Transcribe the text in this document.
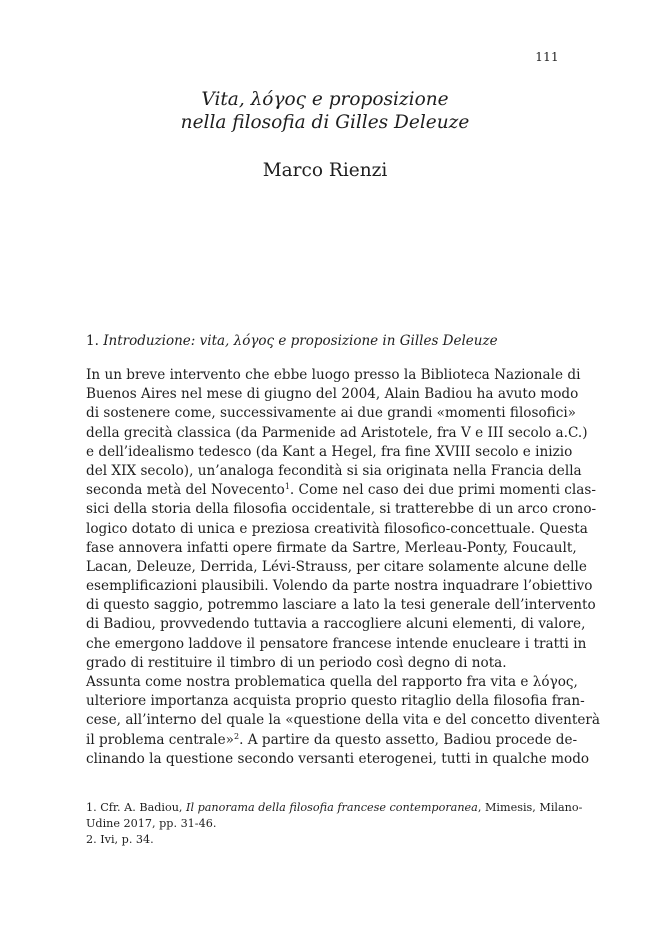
111
Vita, λόγος e proposizione
nella filosofia di Gilles Deleuze
Marco Rienzi
1. Introduzione: vita, λόγος e proposizione in Gilles Deleuze
In un breve intervento che ebbe luogo presso la Biblioteca Nazionale di
Buenos Aires nel mese di giugno del 2004, Alain Badiou ha avuto modo
di sostenere come, successivamente ai due grandi «momenti filosofici»
della grecità classica (da Parmenide ad Aristotele, fra V e III secolo a.C.)
e dell’idealismo tedesco (da Kant a Hegel, fra fine XVIII secolo e inizio
del XIX secolo), un’analoga fecondità si sia originata nella Francia della
seconda metà del Novecento$^1$. Come nel caso dei due primi momenti clas-
sici della storia della filosofia occidentale, si tratterebbe di un arco crono-
logico dotato di unica e preziosa creatività filosofico-concettuale. Questa
fase annovera infatti opere firmate da Sartre, Merleau-Ponty, Foucault,
Lacan, Deleuze, Derrida, Lévi-Strauss, per citare solamente alcune delle
esemplificazioni plausibili. Volendo da parte nostra inquadrare l’obiettivo
di questo saggio, potremmo lasciare a lato la tesi generale dell’intervento
di Badiou, provvedendo tuttavia a raccogliere alcuni elementi, di valore,
che emergono laddove il pensatore francese intende enucleare i tratti in
grado di restituire il timbro di un periodo così degno di nota.
Assunta come nostra problematica quella del rapporto fra vita e λόγος,
ulteriore importanza acquista proprio questo ritaglio della filosofia fran-
cese, all’interno del quale la «questione della vita e del concetto diventerà
il problema centrale»$^2$. A partire da questo assetto, Badiou procede de-
clinando la questione secondo versanti eterogenei, tutti in qualche modo
1. Cfr. A. Badiou, Il panorama della filosofia francese contemporanea, Mimesis, Milano-
Udine 2017, pp. 31-46.
2. Ivi, p. 34.
